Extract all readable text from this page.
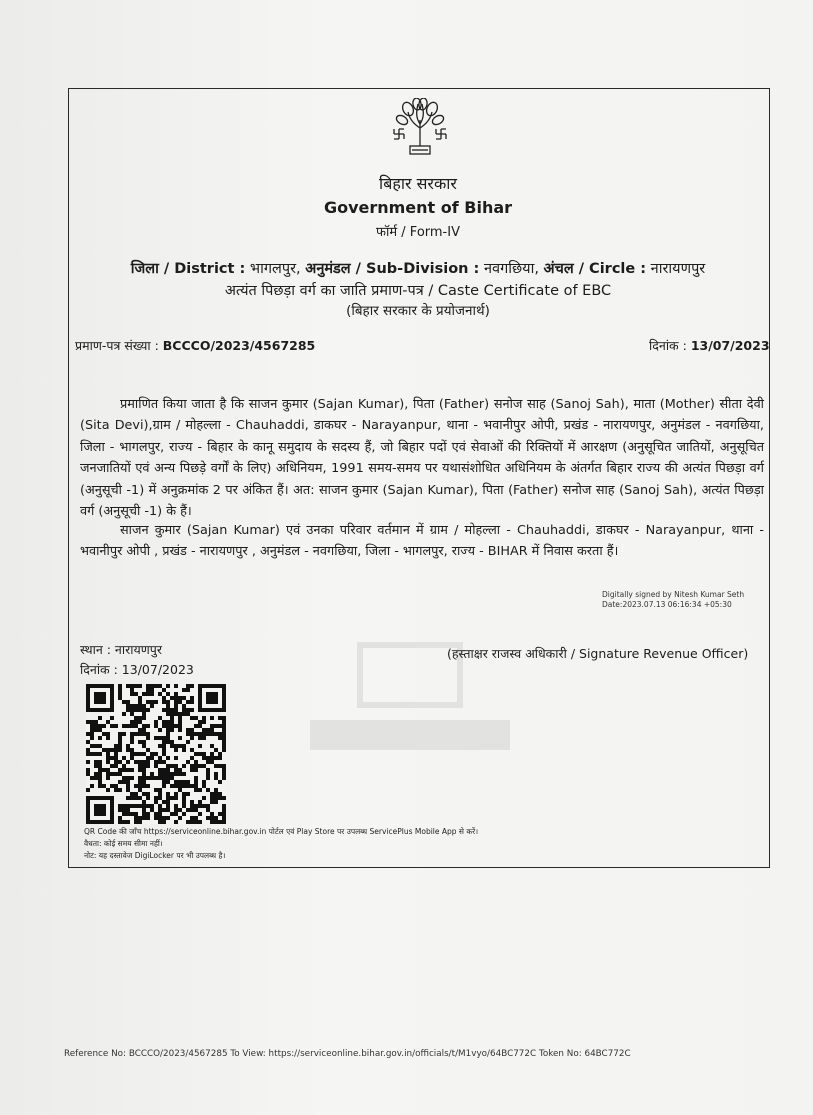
बिहार सरकार
Government of Bihar
फॉर्म / Form-IV
जिला / District : भागलपुर, अनुमंडल / Sub-Division : नवगछिया, अंचल / Circle : नारायणपुर
अत्यंत पिछड़ा वर्ग का जाति प्रमाण-पत्र / Caste Certificate of EBC
(बिहार सरकार के प्रयोजनार्थ)
प्रमाण-पत्र संख्या : BCCCO/2023/4567285	दिनांक : 13/07/2023

प्रमाणित किया जाता है कि साजन कुमार (Sajan Kumar), पिता (Father) सनोज साह (Sanoj Sah), माता (Mother) सीता देवी (Sita Devi),ग्राम / मोहल्ला - Chauhaddi, डाकघर - Narayanpur, थाना - भवानीपुर ओपी, प्रखंड - नारायणपुर, अनुमंडल - नवगछिया, जिला - भागलपुर, राज्य - बिहार के कानू समुदाय के सदस्य हैं, जो बिहार पदों एवं सेवाओं की रिक्तियों में आरक्षण (अनुसूचित जातियों, अनुसूचित जनजातियों एवं अन्य पिछड़े वर्गों के लिए) अधिनियम, 1991 समय-समय पर यथासंशोधित अधिनियम के अंतर्गत बिहार राज्य की अत्यंत पिछड़ा वर्ग (अनुसूची -1) में अनुक्रमांक 2 पर अंकित हैं। अत: साजन कुमार (Sajan Kumar), पिता (Father) सनोज साह (Sanoj Sah), अत्यंत पिछड़ा वर्ग (अनुसूची -1) के हैं।

साजन कुमार (Sajan Kumar) एवं उनका परिवार वर्तमान में ग्राम / मोहल्ला - Chauhaddi, डाकघर - Narayanpur, थाना - भवानीपुर ओपी , प्रखंड - नारायणपुर , अनुमंडल - नवगछिया, जिला - भागलपुर, राज्य - BIHAR में निवास करता हैं।

Digitally signed by Nitesh Kumar Seth
Date:2023.07.13 06:16:34 +05:30
स्थान : नारायणपुर
दिनांक : 13/07/2023
(हस्ताक्षर राजस्व अधिकारी / Signature Revenue Officer)
QR Code की जाँच https://serviceonline.bihar.gov.in पोर्टल एवं Play Store पर उपलब्ध ServicePlus Mobile App से करें।
वैधता: कोई समय सीमा नहीं।
नोट: यह दस्तावेज DigiLocker पर भी उपलब्ध है।
Reference No: BCCCO/2023/4567285 To View: https://serviceonline.bihar.gov.in/officials/t/M1vyo/64BC772C Token No: 64BC772C
